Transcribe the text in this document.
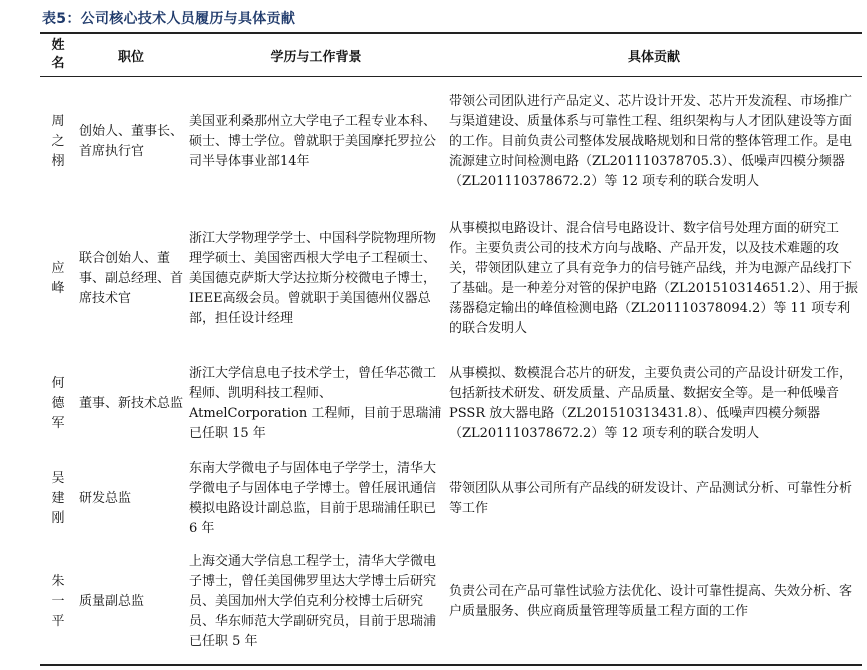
表5：公司核心技术人员履历与具体贡献
姓名	职位	学历与工作背景	具体贡献
周之栩	创始人、董事长、首席执行官	美国亚利桑那州立大学电子工程专业本科、硕士、博士学位。曾就职于美国摩托罗拉公司半导体事业部14年	带领公司团队进行产品定义、芯片设计开发、芯片开发流程、市场推广与渠道建设、质量体系与可靠性工程、组织架构与人才团队建设等方面的工作。目前负责公司整体发展战略规划和日常的整体管理工作。是电流源建立时间检测电路（ZL201110378705.3）、低噪声四模分频器（ZL201110378672.2）等 12 项专利的联合发明人
应峰	联合创始人、董事、副总经理、首席技术官	浙江大学物理学学士、中国科学院物理所物理学硕士、美国密西根大学电子工程硕士、美国德克萨斯大学达拉斯分校微电子博士，IEEE高级会员。曾就职于美国德州仪器总部，担任设计经理	从事模拟电路设计、混合信号电路设计、数字信号处理方面的研究工作。主要负责公司的技术方向与战略、产品开发，以及技术难题的攻关，带领团队建立了具有竞争力的信号链产品线，并为电源产品线打下了基础。是一种差分对管的保护电路（ZL201510314651.2）、用于振荡器稳定输出的峰值检测电路（ZL201110378094.2）等 11 项专利的联合发明人
何德军	董事、新技术总监	浙江大学信息电子技术学士，曾任华芯微工程师、凯明科技工程师、AtmelCorporation 工程师，目前于思瑞浦已任职 15 年	从事模拟、数模混合芯片的研发，主要负责公司的产品设计研发工作，包括新技术研发、研发质量、产品质量、数据安全等。是一种低噪音 PSSR 放大器电路（ZL201510313431.8）、低噪声四模分频器（ZL201110378672.2）等 12 项专利的联合发明人
吴建刚	研发总监	东南大学微电子与固体电子学学士，清华大学微电子与固体电子学博士。曾任展讯通信模拟电路设计副总监，目前于思瑞浦任职已 6 年	带领团队从事公司所有产品线的研发设计、产品测试分析、可靠性分析等工作
朱一平	质量副总监	上海交通大学信息工程学士，清华大学微电子博士，曾任美国佛罗里达大学博士后研究员、美国加州大学伯克利分校博士后研究员、华东师范大学副研究员，目前于思瑞浦已任职 5 年	负责公司在产品可靠性试验方法优化、设计可靠性提高、失效分析、客户质量服务、供应商质量管理等质量工程方面的工作
